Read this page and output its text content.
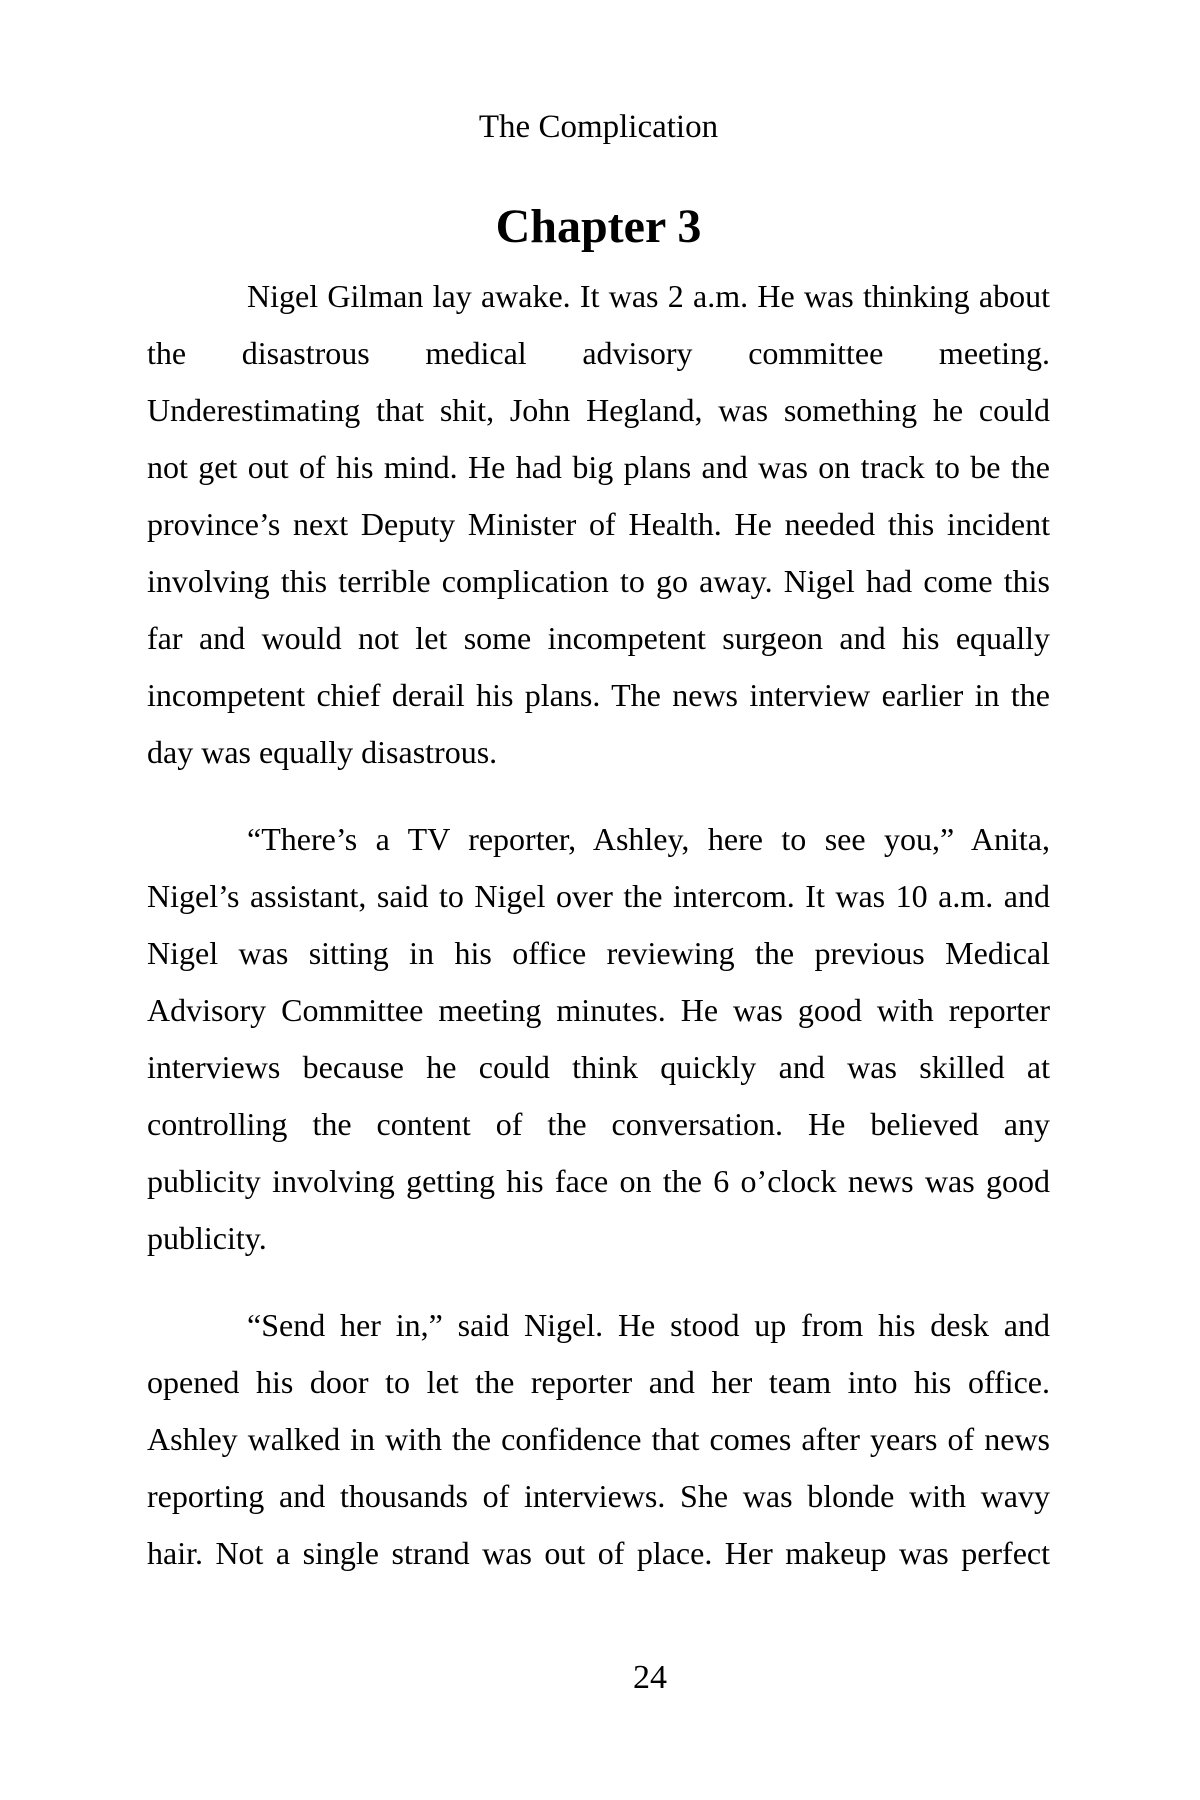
The Complication
Chapter 3
Nigel Gilman lay awake. It was 2 a.m. He was thinking about
the disastrous medical advisory committee meeting.
Underestimating that shit, John Hegland, was something he could
not get out of his mind. He had big plans and was on track to be the
province’s next Deputy Minister of Health. He needed this incident
involving this terrible complication to go away. Nigel had come this
far and would not let some incompetent surgeon and his equally
incompetent chief derail his plans. The news interview earlier in the
day was equally disastrous.
“There’s a TV reporter, Ashley, here to see you,” Anita,
Nigel’s assistant, said to Nigel over the intercom. It was 10 a.m. and
Nigel was sitting in his office reviewing the previous Medical
Advisory Committee meeting minutes. He was good with reporter
interviews because he could think quickly and was skilled at
controlling the content of the conversation. He believed any
publicity involving getting his face on the 6 o’clock news was good
publicity.
“Send her in,” said Nigel. He stood up from his desk and
opened his door to let the reporter and her team into his office.
Ashley walked in with the confidence that comes after years of news
reporting and thousands of interviews. She was blonde with wavy
hair. Not a single strand was out of place. Her makeup was perfect
24
